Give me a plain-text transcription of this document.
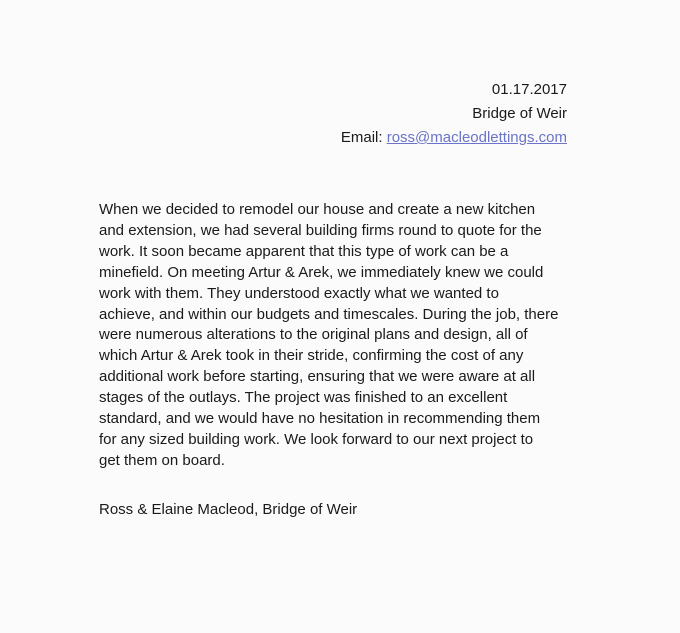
01.17.2017
Bridge of Weir
Email: ross@macleodlettings.com
When we decided to remodel our house and create a new kitchen
and extension, we had several building firms round to quote for the
work. It soon became apparent that this type of work can be a
minefield. On meeting Artur & Arek, we immediately knew we could
work with them. They understood exactly what we wanted to
achieve, and within our budgets and timescales. During the job, there
were numerous alterations to the original plans and design, all of
which Artur & Arek took in their stride, confirming the cost of any
additional work before starting, ensuring that we were aware at all
stages of the outlays. The project was finished to an excellent
standard, and we would have no hesitation in recommending them
for any sized building work. We look forward to our next project to
get them on board.
Ross & Elaine Macleod, Bridge of Weir
